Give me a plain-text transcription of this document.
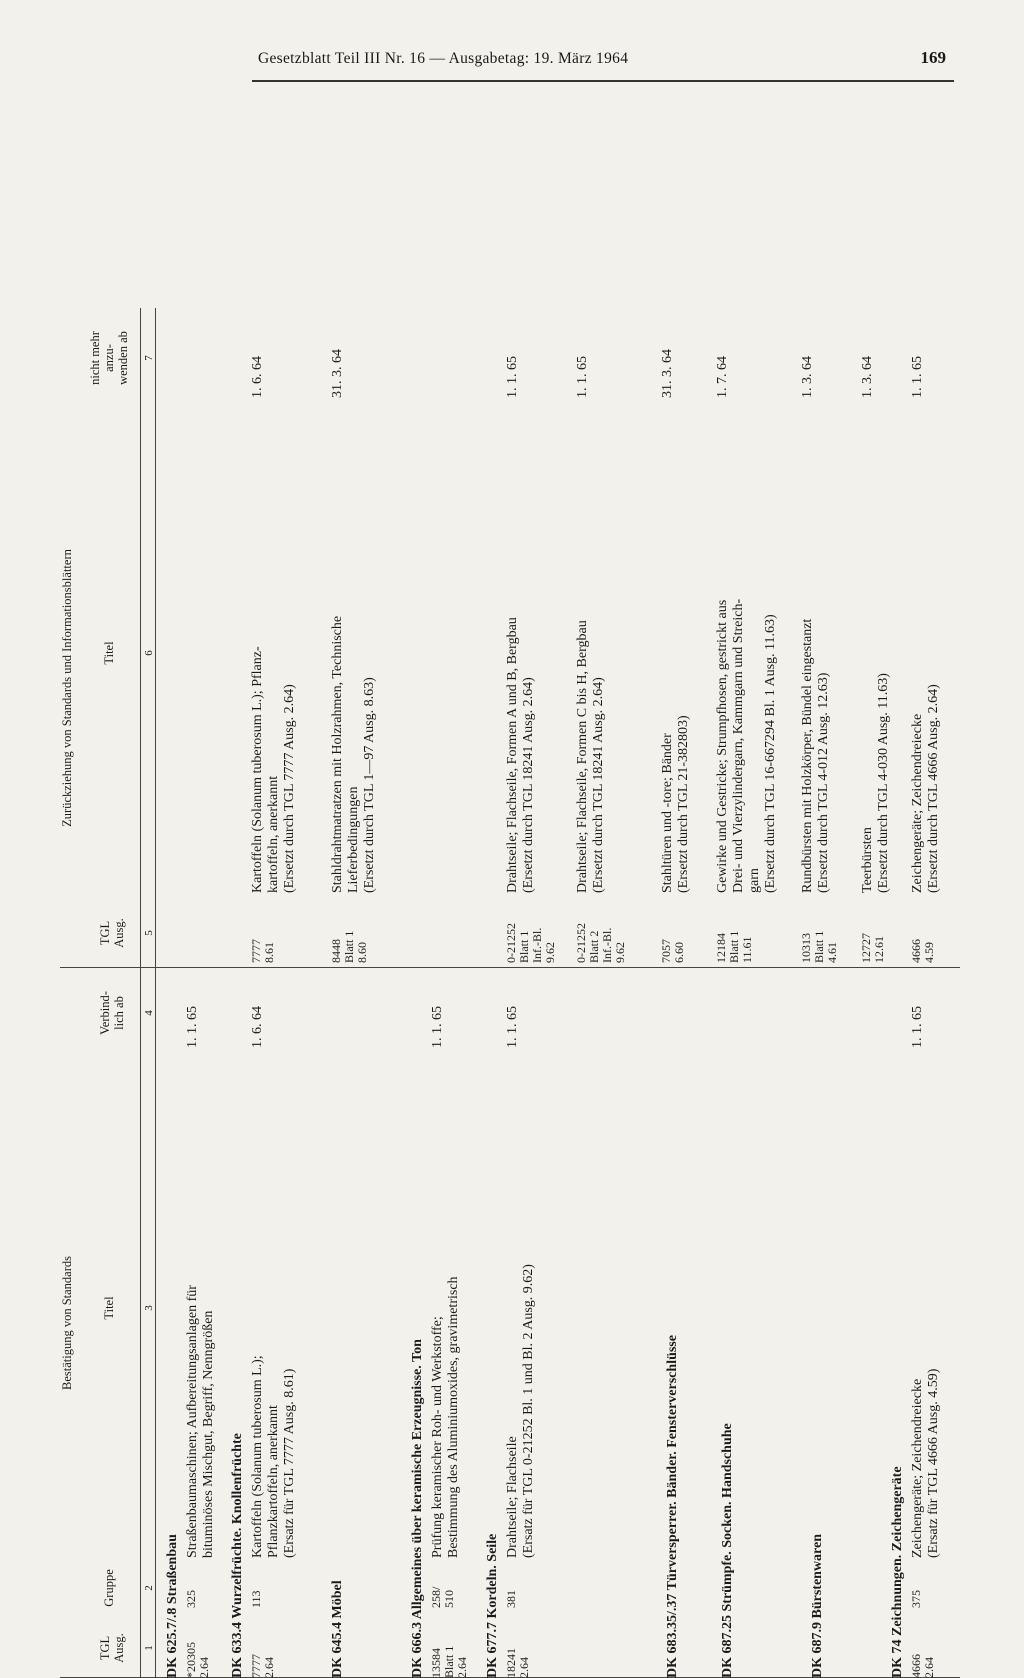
Gesetzblatt Teil III Nr. 16 — Ausgabetag: 19. März 1964	169
Bestätigung von Standards
Zurückziehung von Standards und Informationsblättern
TGL
Ausg.
Gruppe
Titel
Verbind-
lich ab
TGL
Ausg.
Titel
nicht mehr
anzu-
wenden ab
1
2
3
4
5
6
7
DK 625.7/.8 Straßenbau *20305
2.64
325
Straßenbaumaschinen; Aufbereitungsanlagen für
bituminöses Mischgut, Begriff, Nenngrößen
1. 1. 65
DK 633.4 Wurzelfrüchte. Knollenfrüchte 7777
2.64
113
Kartoffeln (Solanum tuberosum L.);
Pflanzkartoffeln, anerkannt
(Ersatz für TGL 7777 Ausg. 8.61)
1. 6. 64
7777
8.61
Kartoffeln (Solanum tuberosum L.); Pflanz-
kartoffeln, anerkannt
(Ersetzt durch TGL 7777 Ausg. 2.64)
1. 6. 64
DK 645.4 Möbel
8448
Blatt 1
8.60
Stahldrahtmatratzen mit Holzrahmen, Technische
Lieferbedingungen
(Ersetzt durch TGL 1—97 Ausg. 8.63)
31. 3. 64
DK 666.3 Allgemeines über keramische Erzeugnisse. Ton 13584
Blatt 1
2.64
258/
510
Prüfung keramischer Roh- und Werkstoffe;
Bestimmung des Aluminiumoxides, gravimetrisch
1. 1. 65
DK 677.7 Kordeln. Seile 18241
2.64
381
Drahtseile; Flachseile
(Ersatz für TGL 0-21252 Bl. 1 und Bl. 2 Ausg. 9.62)
1. 1. 65
0-21252
Blatt 1
Inf.-Bl.
9.62
Drahtseile; Flachseile, Formen A und B, Bergbau
(Ersetzt durch TGL 18241 Ausg. 2.64)
1. 1. 65
0-21252
Blatt 2
Inf.-Bl.
9.62
Drahtseile; Flachseile, Formen C bis H, Bergbau
(Ersetzt durch TGL 18241 Ausg. 2.64)
1. 1. 65
DK 683.35/.37 Türversperrer. Bänder. Fensterverschlüsse
7057
6.60
Stahltüren und -tore; Bänder
(Ersetzt durch TGL 21-382803)
31. 3. 64
DK 687.25 Strümpfe. Socken. Handschuhe
12184
Blatt 1
11.61
Gewirke und Gestricke; Strumpfhosen, gestrickt aus
Drei- und Vierzylindergarn, Kammgarn und Streich-
garn
(Ersetzt durch TGL 16-667294 Bl. 1 Ausg. 11.63)
1. 7. 64
DK 687.9 Bürstenwaren
10313
Blatt 1
4.61
Rundbürsten mit Holzkörper, Bündel eingestanzt
(Ersetzt durch TGL 4-012 Ausg. 12.63)
1. 3. 64
12727
12.61
Teerbürsten
(Ersetzt durch TGL 4-030 Ausg. 11.63)
1. 3. 64
DK 74 Zeichnungen. Zeichengeräte 4666
2.64
375
Zeichengeräte; Zeichendreiecke
(Ersatz für TGL 4666 Ausg. 4.59)
1. 1. 65
4666
4.59
Zeichengeräte; Zeichendreiecke
(Ersetzt durch TGL 4666 Ausg. 2.64)
1. 1. 65
